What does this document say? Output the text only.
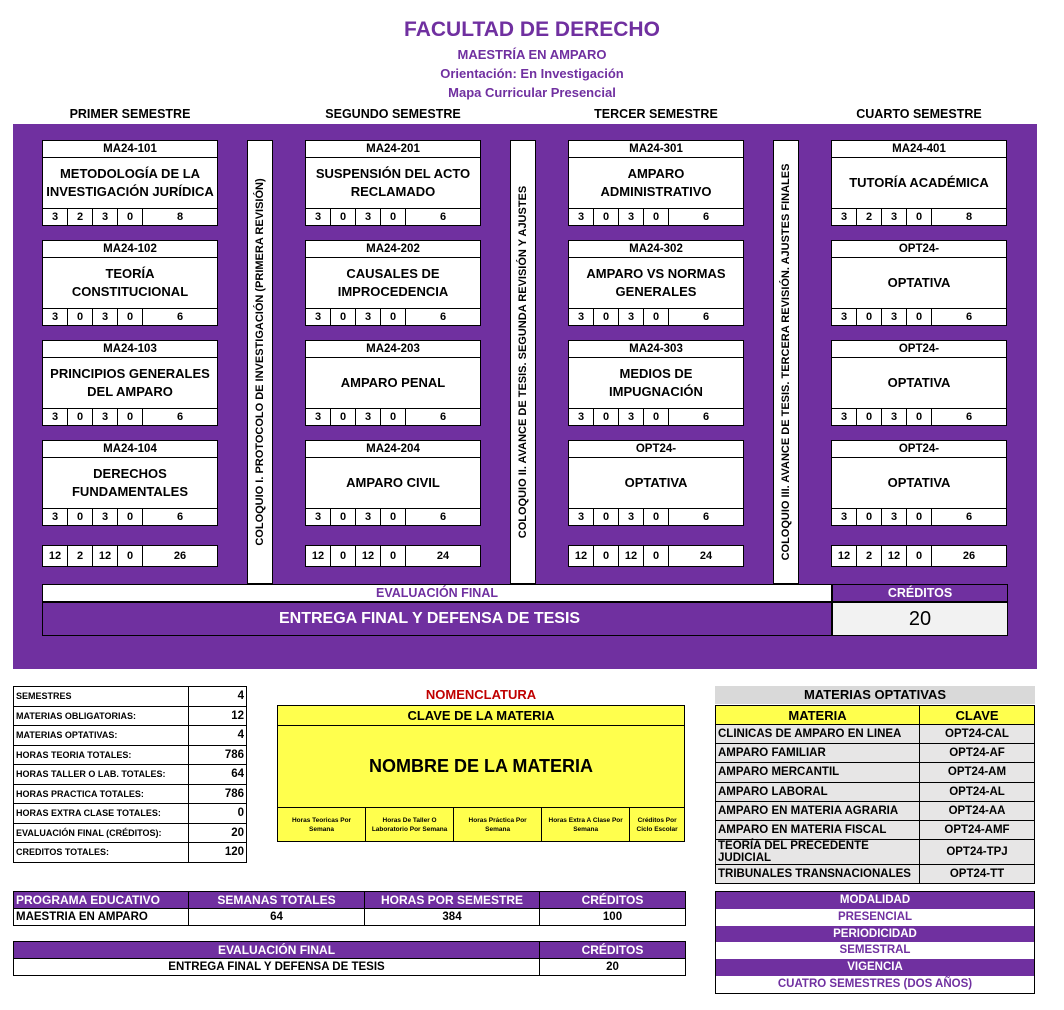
FACULTAD DE DERECHO
MAESTRÍA EN AMPARO
Orientación: En Investigación
Mapa Curricular Presencial
PRIMER SEMESTRE	SEGUNDO SEMESTRE	TERCER SEMESTRE	CUARTO SEMESTRE
MA24-101
METODOLOGÍA DE LA INVESTIGACIÓN JURÍDICA
3	2	3	0	8
MA24-102
TEORÍA CONSTITUCIONAL
3	0	3	0	6
MA24-103
PRINCIPIOS GENERALES DEL AMPARO
3	0	3	0	6
MA24-104
DERECHOS FUNDAMENTALES
3	0	3	0	6
12	2	12	0	26
MA24-201
SUSPENSIÓN DEL ACTO RECLAMADO
3	0	3	0	6
MA24-202
CAUSALES DE IMPROCEDENCIA
3	0	3	0	6
MA24-203
AMPARO PENAL
3	0	3	0	6
MA24-204
AMPARO CIVIL
3	0	3	0	6
12	0	12	0	24
MA24-301
AMPARO ADMINISTRATIVO
3	0	3	0	6
MA24-302
AMPARO VS NORMAS GENERALES
3	0	3	0	6
MA24-303
MEDIOS DE IMPUGNACIÓN
3	0	3	0	6
OPT24-
OPTATIVA
3	0	3	0	6
12	0	12	0	24
MA24-401
TUTORÍA ACADÉMICA
3	2	3	0	8
OPT24-
OPTATIVA
3	0	3	0	6
OPT24-
OPTATIVA
3	0	3	0	6
OPT24-
OPTATIVA
3	0	3	0	6
12	2	12	0	26
COLOQUIO I. PROTOCOLO DE INVESTIGACIÓN (PRIMERA REVISIÓN)	COLOQUIO II. AVANCE DE TESIS. SEGUNDA REVISIÓN Y AJUSTES	COLOQUIO III. AVANCE DE TESIS. TERCERA REVISIÓN. AJUSTES FINALES
EVALUACIÓN FINAL	CRÉDITOS
ENTREGA FINAL Y DEFENSA DE TESIS	20
SEMESTRES	4
MATERIAS OBLIGATORIAS:	12
MATERIAS OPTATIVAS:	4
HORAS TEORIA TOTALES:	786
HORAS TALLER O LAB. TOTALES:	64
HORAS PRACTICA TOTALES:	786
HORAS EXTRA CLASE TOTALES:	0
EVALUACIÓN FINAL (CRÉDITOS):	20
CREDITOS TOTALES:	120
NOMENCLATURA
CLAVE DE LA MATERIA
NOMBRE DE LA MATERIA
Horas Teoricas Por Semana
Horas De Taller O Laboratorio Por Semana
Horas Práctica Por Semana
Horas Extra A Clase Por Semana
Créditos Por Ciclo Escolar
MATERIAS OPTATIVAS
MATERIA	CLAVE
CLINICAS DE AMPARO EN LINEA	OPT24-CAL
AMPARO FAMILIAR	OPT24-AF
AMPARO MERCANTIL	OPT24-AM
AMPARO LABORAL	OPT24-AL
AMPARO EN MATERIA AGRARIA	OPT24-AA
AMPARO EN MATERIA FISCAL	OPT24-AMF
TEORÍA DEL PRECEDENTE JUDICIAL	OPT24-TPJ
TRIBUNALES TRANSNACIONALES	OPT24-TT
PROGRAMA EDUCATIVO	SEMANAS TOTALES	HORAS POR SEMESTRE	CRÉDITOS
MAESTRIA EN AMPARO	64	384	100
EVALUACIÓN FINAL	CRÉDITOS
ENTREGA FINAL Y DEFENSA DE TESIS	20
MODALIDAD
PRESENCIAL
PERIODICIDAD
SEMESTRAL
VIGENCIA
CUATRO SEMESTRES (DOS AÑOS)
